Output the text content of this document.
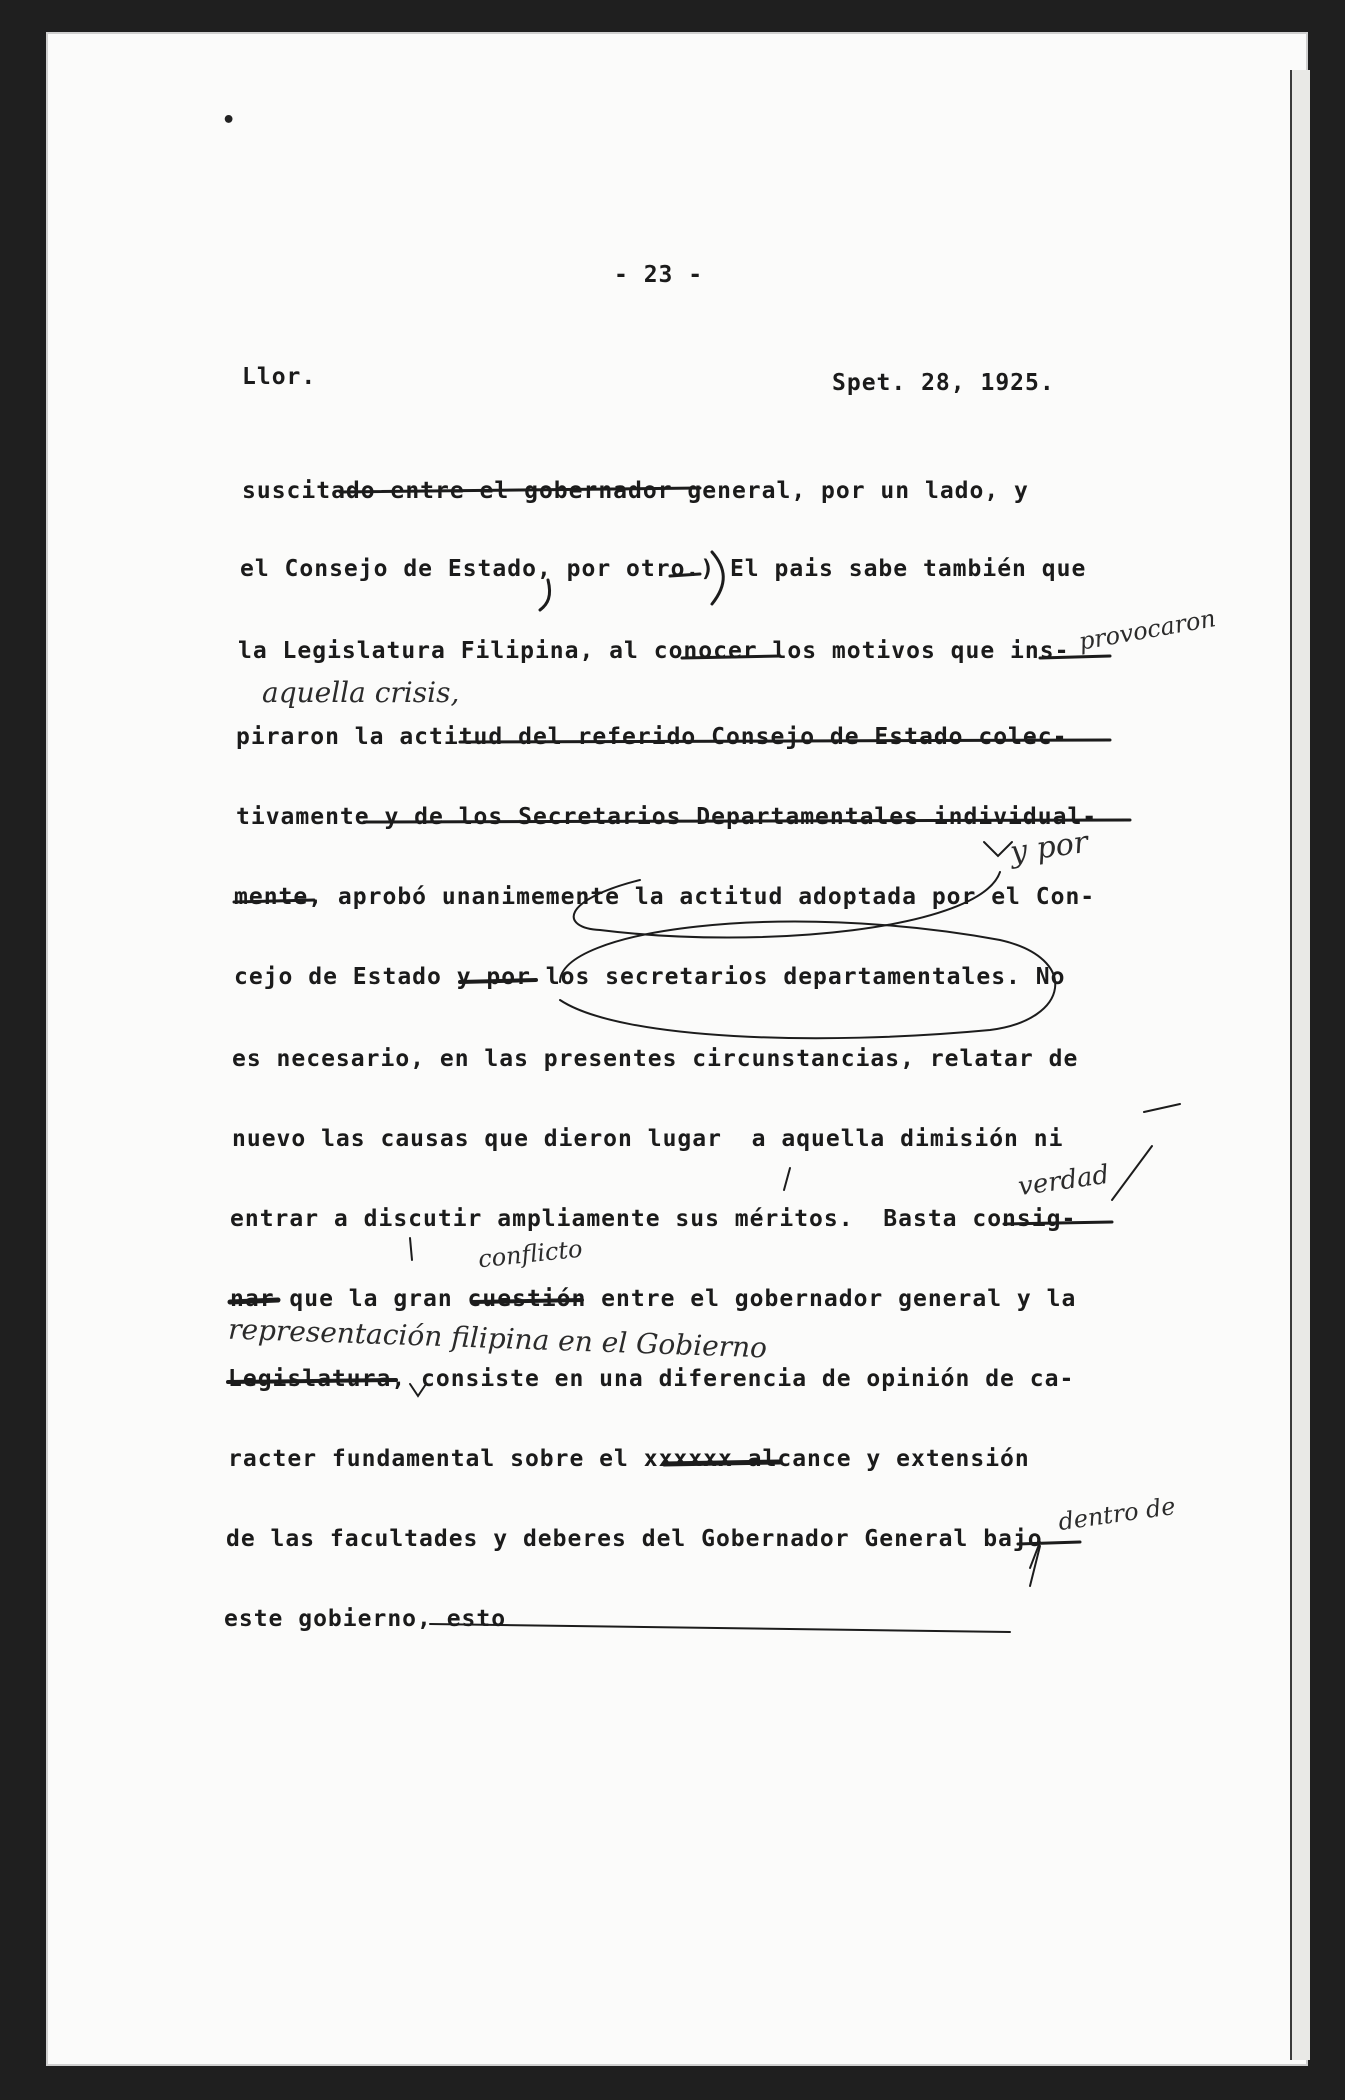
•
- 23 -
Llor.	Spet. 28, 1925.
suscitado entre el gobernador general, por un lado, y
el Consejo de Estado, por otro.) El pais sabe también que
la Legislatura Filipina, al conocer los motivos que ins-
piraron la actitud del referido Consejo de Estado colec-
tivamente y de los Secretarios Departamentales individual-
mente, aprobó unanimemente la actitud adoptada por el Con-
cejo de Estado y por los secretarios departamentales. No
es necesario, en las presentes circunstancias, relatar de
nuevo las causas que dieron lugar  a aquella dimisión ni
entrar a discutir ampliamente sus méritos.  Basta consig-
nar que la gran cuestión entre el gobernador general y la
Legislatura, consiste en una diferencia de opinión de ca-
racter fundamental sobre el xxxxxx alcance y extensión
de las facultades y deberes del Gobernador General bajo
este gobierno, esto
provocaron
aquella crisis,
y por
conflicto
verdad
representación filipina en el Gobierno
dentro de
